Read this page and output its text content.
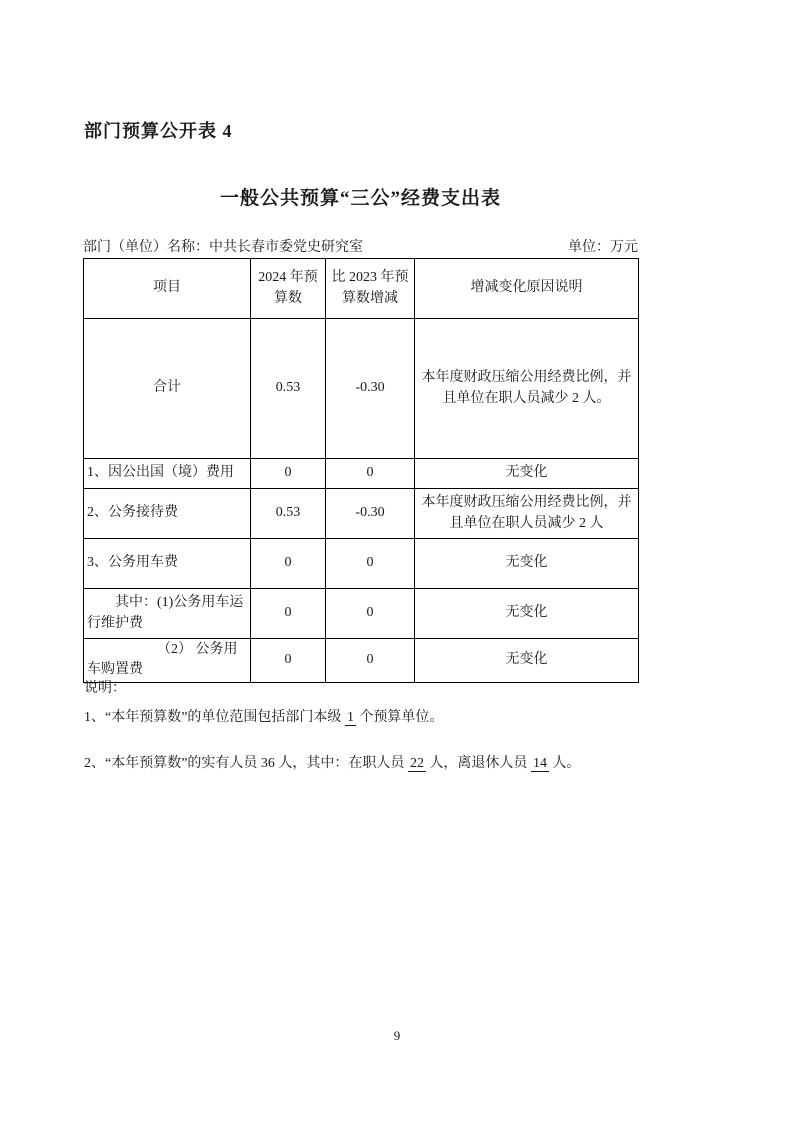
部门预算公开表 4
一般公共预算“三公”经费支出表
部门（单位）名称：中共长春市委党史研究室	单位：万元
项目	2024 年预算数	比 2023 年预算数增减	增减变化原因说明
合计	0.53	-0.30	本年度财政压缩公用经费比例，并且单位在职人员减少 2 人。
1、因公出国（境）费用	0	0	无变化
2、公务接待费	0.53	-0.30	本年度财政压缩公用经费比例，并且单位在职人员减少 2 人
3、公务用车费	0	0	无变化
其中：(1)公务用车运行维护费	0	0	无变化
（2） 公务用车购置费	0	0	无变化

说明：

1、“本年预算数”的单位范围包括部门本级 1 个预算单位。
2、“本年预算数”的实有人员 36 人，其中：在职人员 22 人，离退休人员 14 人。
9
